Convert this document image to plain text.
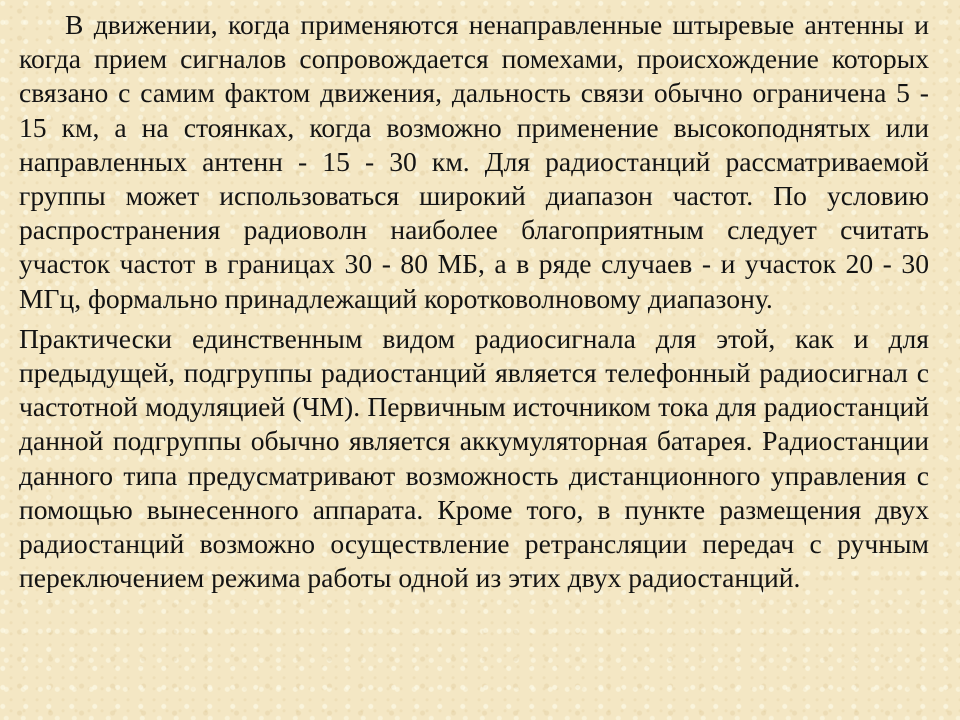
В движении, когда применяются ненаправленные штыревые антенны и когда прием сигналов сопровождается помехами, происхождение которых связано с самим фактом движения, дальность связи обычно ограничена 5 - 15 км, а на стоянках, когда возможно применение высокоподнятых или направленных антенн - 15 - 30 км. Для радиостанций рассматриваемой группы может использоваться широкий диапазон частот. По условию распространения радиоволн наиболее благоприятным следует считать участок частот в границах 30 - 80 МБ, а в ряде случаев - и участок 20 - 30 МГц, формально принадлежащий коротковолновому диапазону.

Практически единственным видом радиосигнала для этой, как и для предыдущей, подгруппы радиостанций является телефонный радиосигнал с частотной модуляцией (ЧМ). Первичным источником тока для радиостанций данной подгруппы обычно является аккумуляторная батарея. Радиостанции данного типа предусматривают возможность дистанционного управления с помощью вынесенного аппарата. Кроме того, в пункте размещения двух радиостанций возможно осуществление ретрансляции передач с ручным переключением режима работы одной из этих двух радиостанций.
